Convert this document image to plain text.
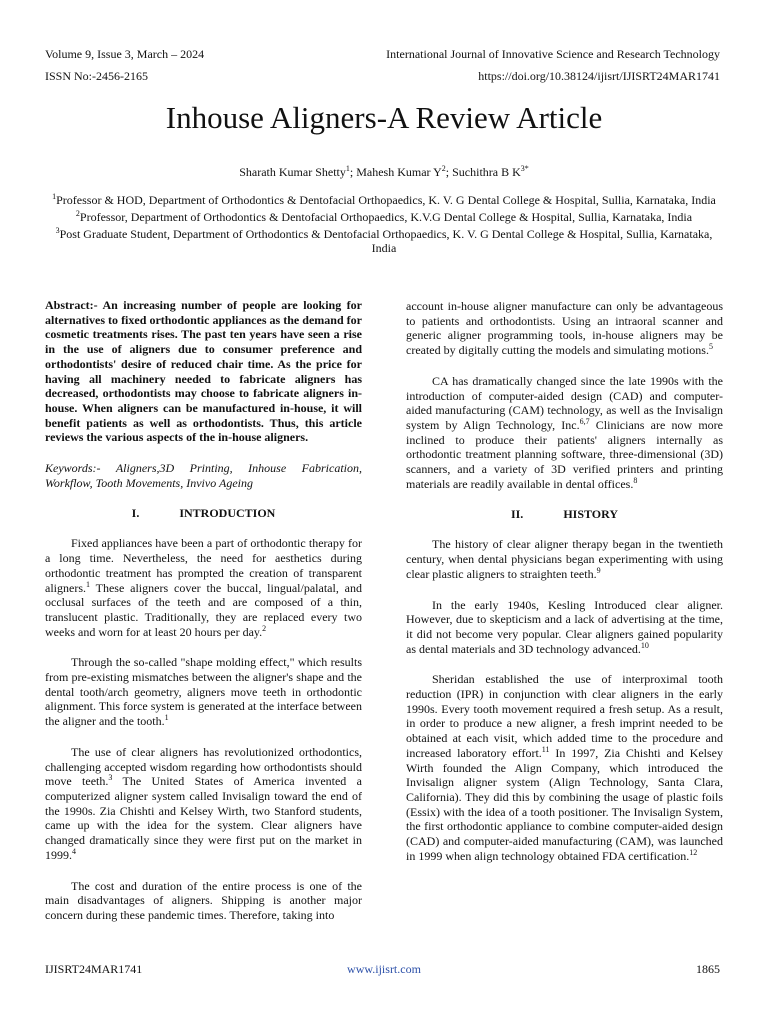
Volume 9, Issue 3, March – 2024
ISSN No:-2456-2165
International Journal of Innovative Science and Research Technology
https://doi.org/10.38124/ijisrt/IJISRT24MAR1741
Inhouse Aligners-A Review Article
Sharath Kumar Shetty$^1$; Mahesh Kumar $Y^2$; Suchithra B $K^{3*}$

$^1$Professor & HOD, Department of Orthodontics & Dentofacial Orthopaedics, K. V. G Dental College & Hospital, Sullia, Karnataka, India

$^2$Professor, Department of Orthodontics & Dentofacial Orthopaedics, K.V.G Dental College & Hospital, Sullia, Karnataka, India

$^3$Post Graduate Student, Department of Orthodontics & Dentofacial Orthopaedics, K. V. G Dental College & Hospital, Sullia, Karnataka, India

Abstract:- An increasing number of people are looking for alternatives to fixed orthodontic appliances as the demand for cosmetic treatments rises. The past ten years have seen a rise in the use of aligners due to consumer preference and orthodontists' desire of reduced chair time. As the price for having all machinery needed to fabricate aligners has decreased, orthodontists may choose to fabricate aligners in-house. When aligners can be manufactured in-house, it will benefit patients as well as orthodontists. Thus, this article reviews the various aspects of the in-house aligners.

Keywords:- Aligners,3D Printing, Inhouse Fabrication, Workflow, Tooth Movements, Invivo Ageing

I.	INTRODUCTION

Fixed appliances have been a part of orthodontic therapy for a long time. Nevertheless, the need for aesthetics during orthodontic treatment has prompted the creation of transparent aligners.$^1$ These aligners cover the buccal, lingual/palatal, and occlusal surfaces of the teeth and are composed of a thin, translucent plastic. Traditionally, they are replaced every two weeks and worn for at least 20 hours per day.$^2$

Through the so-called "shape molding effect," which results from pre-existing mismatches between the aligner's shape and the dental tooth/arch geometry, aligners move teeth in orthodontic alignment. This force system is generated at the interface between the aligner and the tooth.$^1$

The use of clear aligners has revolutionized orthodontics, challenging accepted wisdom regarding how orthodontists should move teeth.$^3$ The United States of America invented a computerized aligner system called Invisalign toward the end of the 1990s. Zia Chishti and Kelsey Wirth, two Stanford students, came up with the idea for the system. Clear aligners have changed dramatically since they were first put on the market in 1999.$^4$

The cost and duration of the entire process is one of the main disadvantages of aligners. Shipping is another major concern during these pandemic times. Therefore, taking into

account in-house aligner manufacture can only be advantageous to patients and orthodontists. Using an intraoral scanner and generic aligner programming tools, in-house aligners may be created by digitally cutting the models and simulating motions.$^5$

CA has dramatically changed since the late 1990s with the introduction of computer-aided design (CAD) and computer-aided manufacturing (CAM) technology, as well as the Invisalign system by Align Technology, Inc.$^{6,7}$ Clinicians are now more inclined to produce their patients' aligners internally as orthodontic treatment planning software, three-dimensional (3D) scanners, and a variety of 3D verified printers and printing materials are readily available in dental offices.$^8$

II.	HISTORY

The history of clear aligner therapy began in the twentieth century, when dental physicians began experimenting with using clear plastic aligners to straighten teeth.$^9$

In the early 1940s, Kesling Introduced clear aligner. However, due to skepticism and a lack of advertising at the time, it did not become very popular. Clear aligners gained popularity as dental materials and 3D technology advanced.$^{10}$

Sheridan established the use of interproximal tooth reduction (IPR) in conjunction with clear aligners in the early 1990s. Every tooth movement required a fresh setup. As a result, in order to produce a new aligner, a fresh imprint needed to be obtained at each visit, which added time to the procedure and increased laboratory effort.$^{11}$ In 1997, Zia Chishti and Kelsey Wirth founded the Align Company, which introduced the Invisalign aligner system (Align Technology, Santa Clara, California). They did this by combining the usage of plastic foils (Essix) with the idea of a tooth positioner. The Invisalign System, the first orthodontic appliance to combine computer-aided design (CAD) and computer-aided manufacturing (CAM), was launched in 1999 when align technology obtained FDA certification.$^{12}$

IJISRT24MAR1741	www.ijisrt.com	1865
